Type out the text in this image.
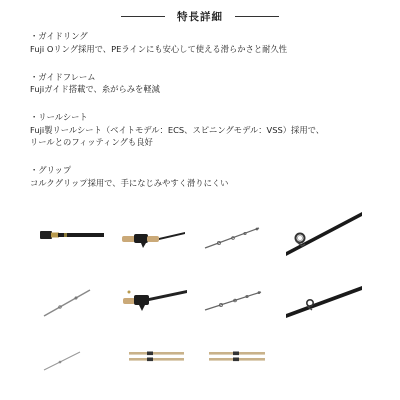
特長詳細
・ガイドリング
Fuji Oリング採用で、PEラインにも安心して使える滑らかさと耐久性
・ガイドフレーム
Fujiガイド搭載で、糸がらみを軽減
・リールシート
Fuji製リールシート（ベイトモデル：ECS、スピニングモデル：VSS）採用で、
リールとのフィッティングも良好
・グリップ
コルクグリップ採用で、手になじみやすく滑りにくい
